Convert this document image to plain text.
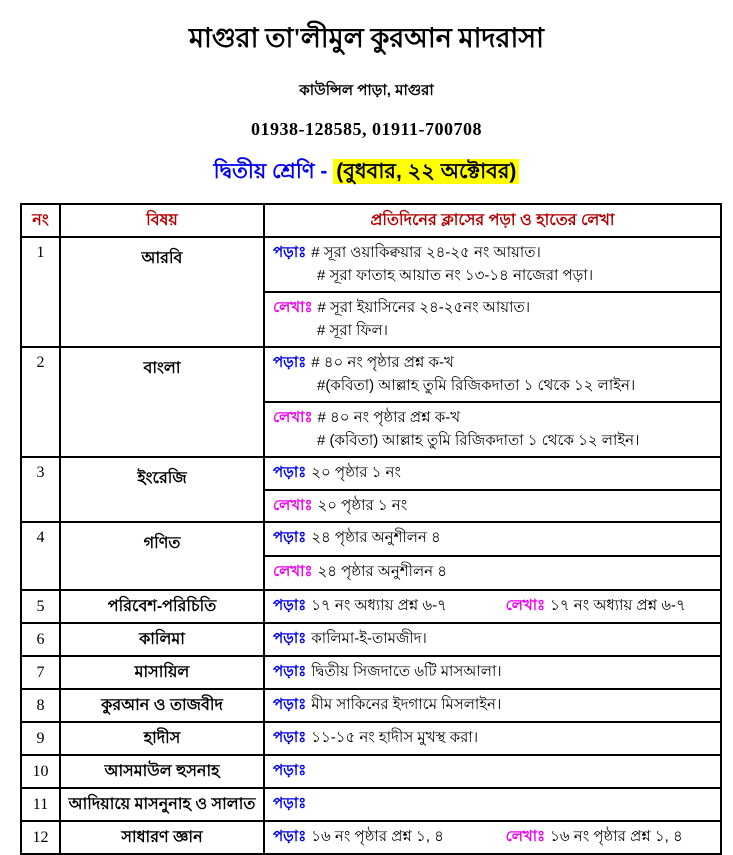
মাগুরা তা'লীমুল কুরআন মাদরাসা
কাউন্সিল পাড়া, মাগুরা
01938-128585, 01911-700708
দ্বিতীয় শ্রেণি - (বুধবার, ২২ অক্টোবর)
নং	বিষয়	প্রতিদিনের ক্লাসের পড়া ও হাতের লেখা
1	আরবি	পড়াঃ # সূরা ওয়াকিক্বয়ার ২৪-২৫ নং আয়াত।
# সূরা ফাতাহ আয়াত নং ১৩-১৪ নাজেরা পড়া।

		লেখাঃ # সূরা ইয়াসিনের ২৪-২৫নং আয়াত।
# সূরা ফিল।

2	বাংলা	পড়াঃ # ৪০ নং পৃষ্ঠার প্রশ্ন ক-খ
#(কবিতা) আল্লাহ তুমি রিজিকদাতা ১ থেকে ১২ লাইন।

		লেখাঃ # ৪০ নং পৃষ্ঠার প্রশ্ন ক-খ
# (কবিতা) আল্লাহ তুমি রিজিকদাতা ১ থেকে ১২ লাইন।

3	ইংরেজি	পড়াঃ ২০ পৃষ্ঠার ১ নং

		লেখাঃ ২০ পৃষ্ঠার ১ নং

4	গণিত	পড়াঃ ২৪ পৃষ্ঠার অনুশীলন ৪

		লেখাঃ ২৪ পৃষ্ঠার অনুশীলন ৪

5	পরিবেশ-পরিচিতি	পড়াঃ ১৭ নং অধ্যায় প্রশ্ন ৬-৭ লেখাঃ ১৭ নং অধ্যায় প্রশ্ন ৬-৭

6	কালিমা	পড়াঃ কালিমা-ই-তামজীদ।

7	মাসায়িল	পড়াঃ দ্বিতীয় সিজদাতে ৬টি মাসআলা।

8	কুরআন ও তাজবীদ	পড়াঃ মীম সাকিনের ইদগামে মিসলাইন।

9	হাদীস	পড়াঃ ১১-১৫ নং হাদীস মুখস্থ করা।

10	আসমাউল হুসনাহ	পড়াঃ

11	আদিয়ায়ে মাসনুনাহ ও সালাত	পড়াঃ

12	সাধারণ জ্ঞান	পড়াঃ ১৬ নং পৃষ্ঠার প্রশ্ন ১, ৪ লেখাঃ ১৬ নং পৃষ্ঠার প্রশ্ন ১, ৪
